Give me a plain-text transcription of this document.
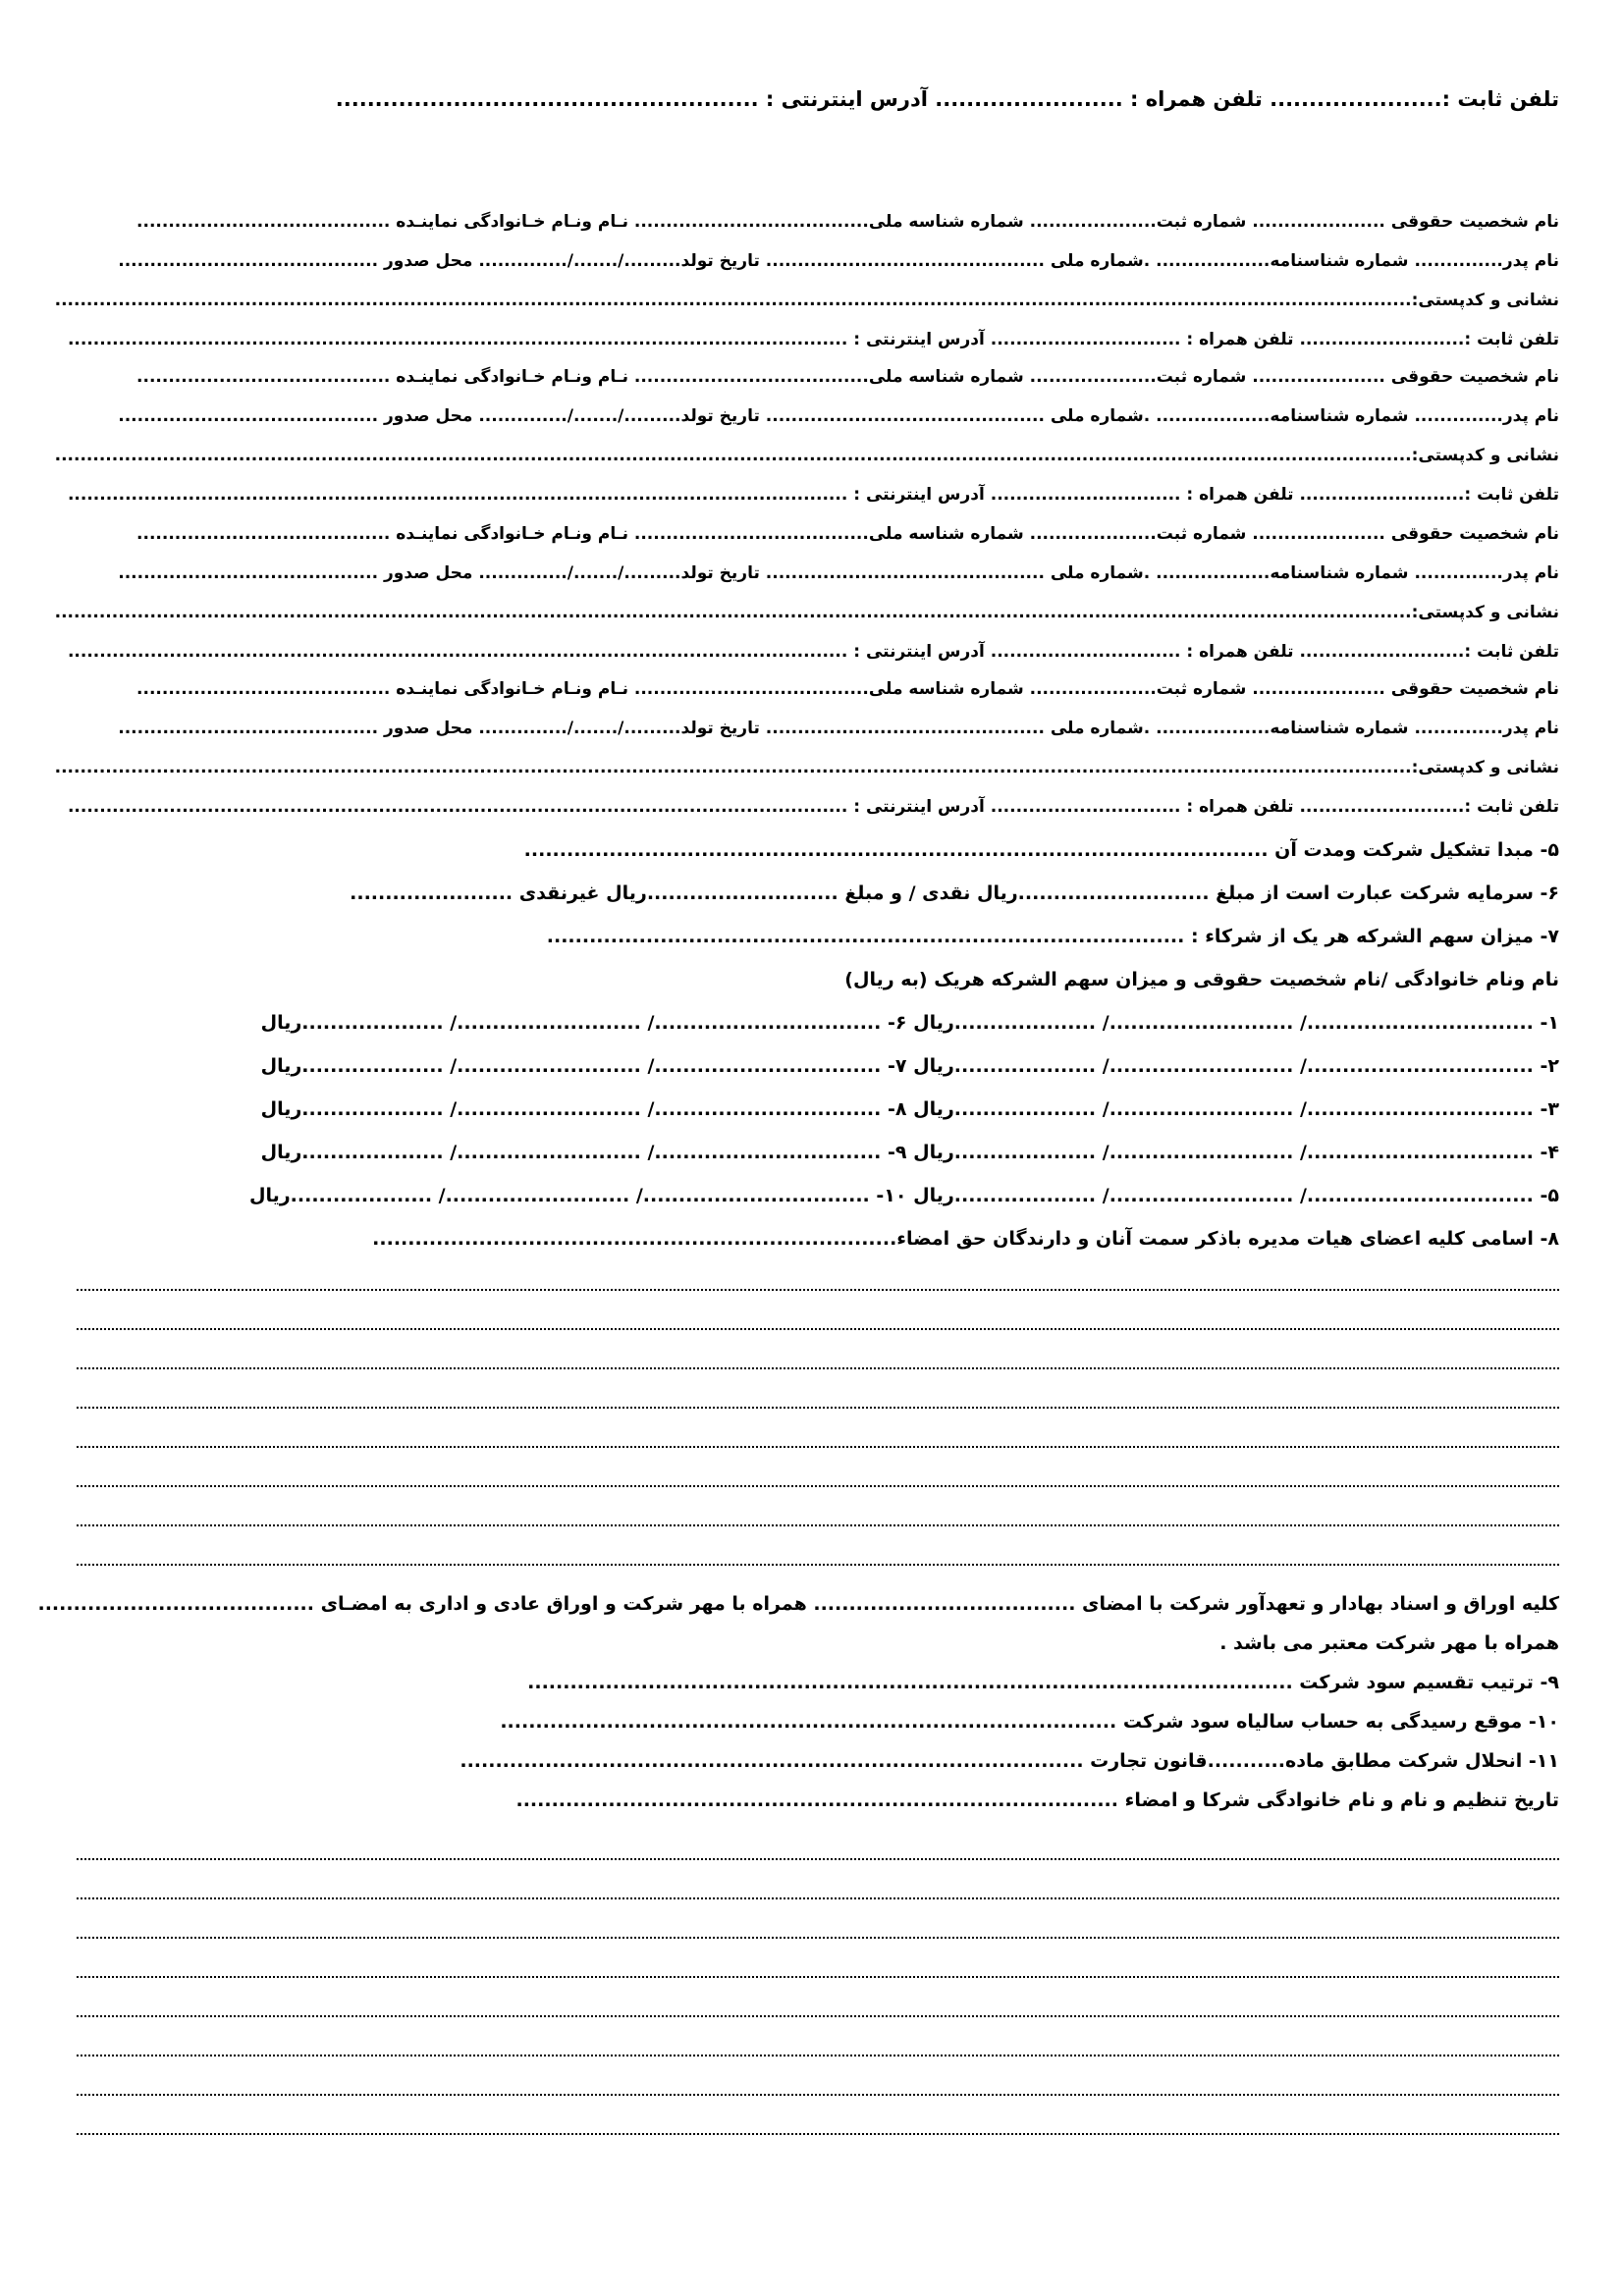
تلفن ثابت :...................... تلفن همراه : ........................ آدرس اینترنتی : ......................................................
نام شخصیت حقوقی ..................... شماره ثبت.................... شماره شناسه ملی..................................... نـام ونـام خـانوادگی نماینـده ........................................
نام پدر.............. شماره شناسنامه.................. .شماره ملی ............................................ تاریخ تولد........./......./.............. محل صدور .........................................
نشانی و کدپستی:......................................................................................................................................................................................................................
تلفن ثابت :.......................... تلفن همراه : .............................. آدرس اینترنتی : ...........................................................................................................................
نام شخصیت حقوقی ..................... شماره ثبت.................... شماره شناسه ملی..................................... نـام ونـام خـانوادگی نماینـده ........................................
نام پدر.............. شماره شناسنامه.................. .شماره ملی ............................................ تاریخ تولد........./......./.............. محل صدور .........................................
نشانی و کدپستی:......................................................................................................................................................................................................................
تلفن ثابت :.......................... تلفن همراه : .............................. آدرس اینترنتی : ...........................................................................................................................
نام شخصیت حقوقی ..................... شماره ثبت.................... شماره شناسه ملی..................................... نـام ونـام خـانوادگی نماینـده ........................................
نام پدر.............. شماره شناسنامه.................. .شماره ملی ............................................ تاریخ تولد........./......./.............. محل صدور .........................................
نشانی و کدپستی:......................................................................................................................................................................................................................
تلفن ثابت :.......................... تلفن همراه : .............................. آدرس اینترنتی : ...........................................................................................................................
نام شخصیت حقوقی ..................... شماره ثبت.................... شماره شناسه ملی..................................... نـام ونـام خـانوادگی نماینـده ........................................
نام پدر.............. شماره شناسنامه.................. .شماره ملی ............................................ تاریخ تولد........./......./.............. محل صدور .........................................
نشانی و کدپستی:......................................................................................................................................................................................................................
تلفن ثابت :.......................... تلفن همراه : .............................. آدرس اینترنتی : ...........................................................................................................................
۵- مبدا تشکیل شرکت ومدت آن .........................................................................................................
۶- سرمایه شرکت عبارت است از مبلغ ...........................ریال نقدی / و مبلغ ...........................ریال غیرنقدی .......................
۷- میزان سهم الشرکه هر یک از شرکاء : ..........................................................................................
نام ونام خانوادگی /نام شخصیت حقوقی و میزان سهم الشرکه هریک (به ریال)
۱- ................................/ ........................../ ....................ریال ۶- ................................/ ........................../ ....................ریال
۲- ................................/ ........................../ ....................ریال ۷- ................................/ ........................../ ....................ریال
۳- ................................/ ........................../ ....................ریال ۸- ................................/ ........................../ ....................ریال
۴- ................................/ ........................../ ....................ریال ۹- ................................/ ........................../ ....................ریال
۵- ................................/ ........................../ ....................ریال ۱۰- ................................/ ........................../ ....................ریال
۸- اسامی کلیه اعضای هیات مدیره باذکر سمت آنان و دارندگان حق امضاء..........................................................................
کلیه اوراق و اسناد بهادار و تعهدآور شرکت با امضای ..................................... همراه با مهر شرکت و اوراق عادی و اداری به امضـای .......................................
همراه با مهر شرکت معتبر می باشد .
۹- ترتیب تقسیم سود شرکت ............................................................................................................
۱۰- موقع رسیدگی به حساب سالیاه سود شرکت .......................................................................................
۱۱- انحلال شرکت مطابق ماده...........قانون تجارت ........................................................................................
تاریخ تنظیم و نام و نام خانوادگی شرکا و امضاء .....................................................................................
